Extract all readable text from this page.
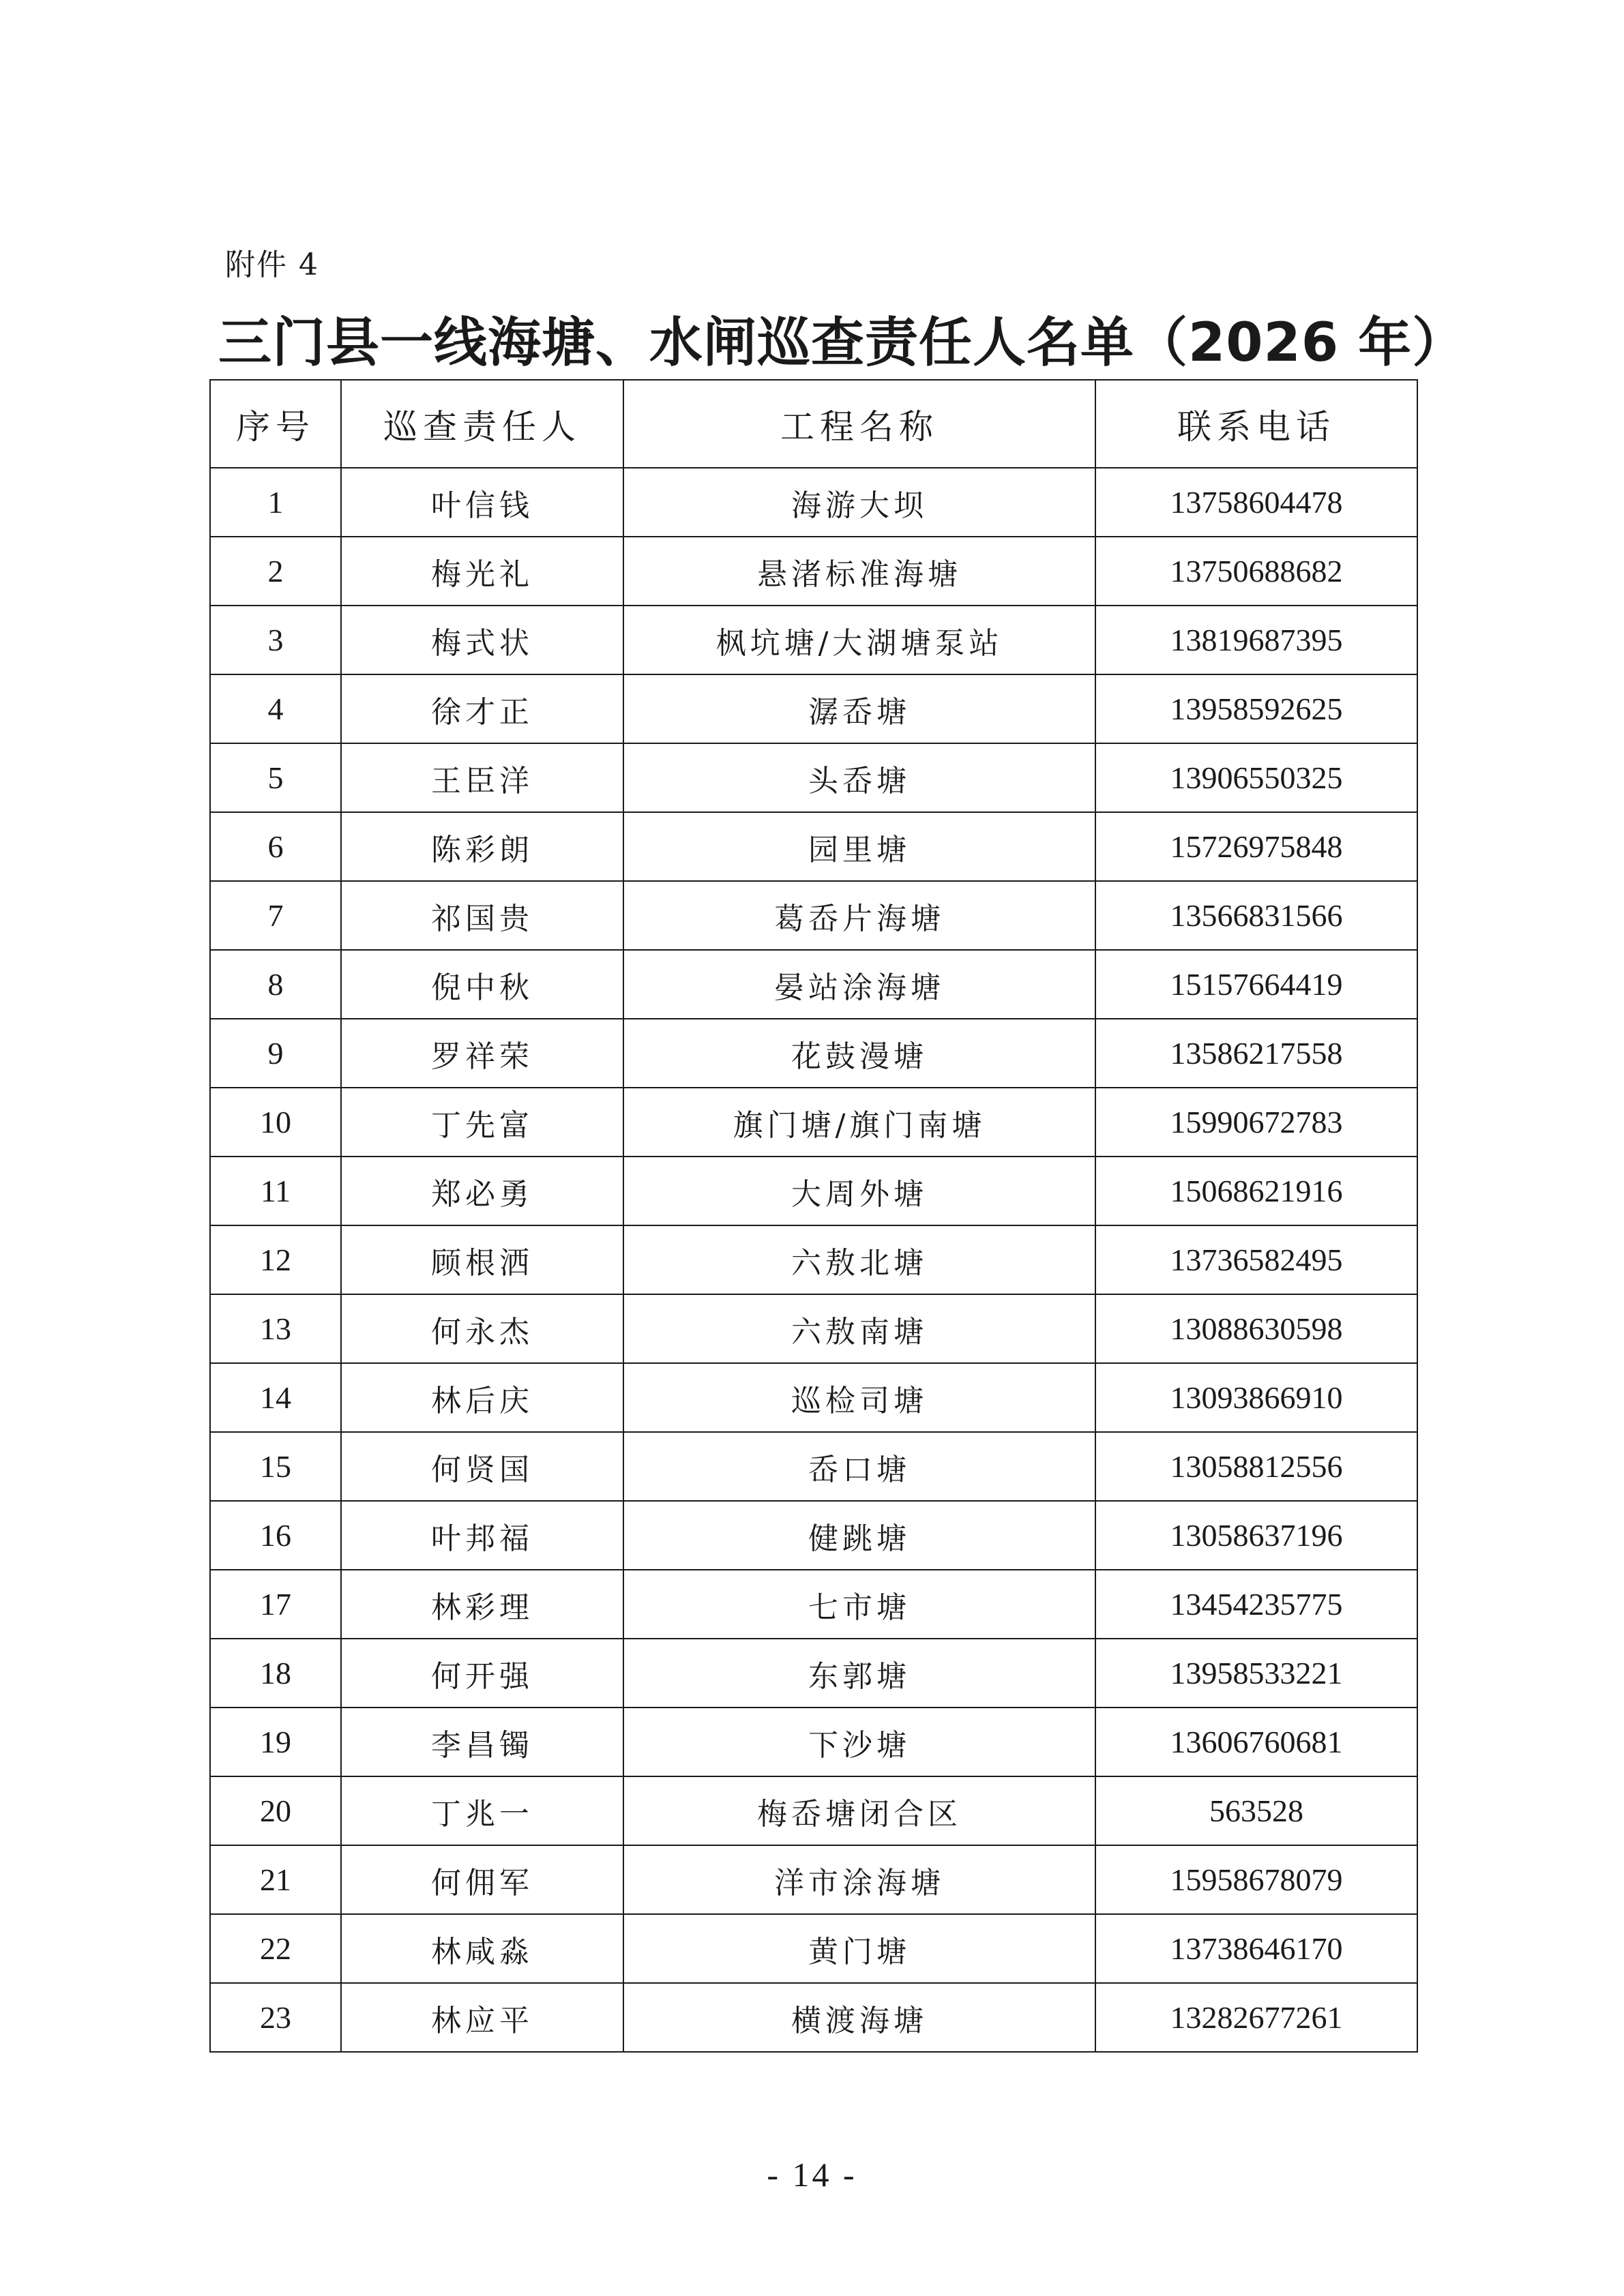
附件 4
三门县一线海塘、水闸巡查责任人名单（2026 年）
序号	巡查责任人	工程名称	联系电话
1	叶信钱	海游大坝	13758604478
2	梅光礼	悬渚标准海塘	13750688682
3	梅式状	枫坑塘/大湖塘泵站	13819687395
4	徐才正	潺岙塘	13958592625
5	王臣洋	头岙塘	13906550325
6	陈彩朗	园里塘	15726975848
7	祁国贵	葛岙片海塘	13566831566
8	倪中秋	晏站涂海塘	15157664419
9	罗祥荣	花鼓漫塘	13586217558
10	丁先富	旗门塘/旗门南塘	15990672783
11	郑必勇	大周外塘	15068621916
12	顾根洒	六敖北塘	13736582495
13	何永杰	六敖南塘	13088630598
14	林后庆	巡检司塘	13093866910
15	何贤国	岙口塘	13058812556
16	叶邦福	健跳塘	13058637196
17	林彩理	七市塘	13454235775
18	何开强	东郭塘	13958533221
19	李昌镯	下沙塘	13606760681
20	丁兆一	梅岙塘闭合区	563528
21	何佣军	洋市涂海塘	15958678079
22	林咸淼	黄门塘	13738646170
23	林应平	横渡海塘	13282677261
- 14 -
